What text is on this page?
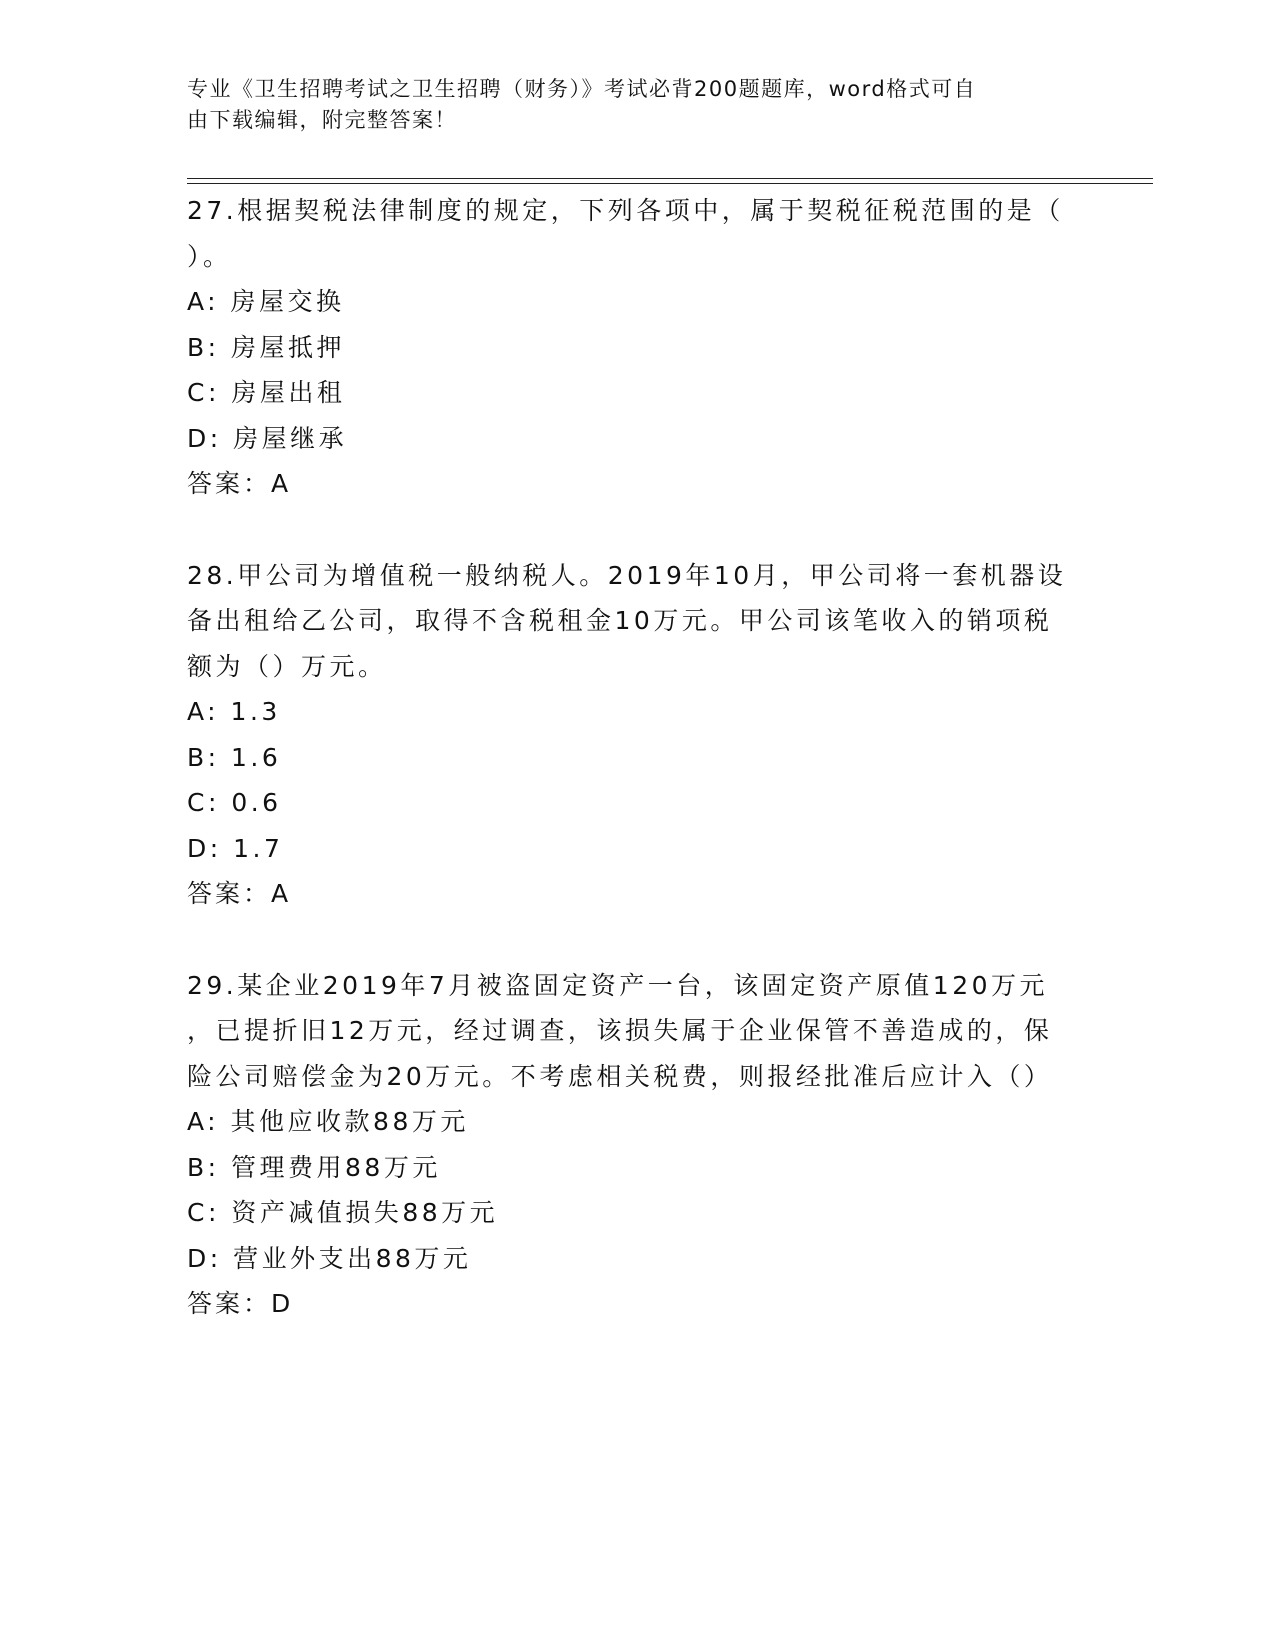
专业《卫生招聘考试之卫生招聘（财务）》考试必背200题题库，word格式可自
由下载编辑，附完整答案！
27.根据契税法律制度的规定，下列各项中，属于契税征税范围的是（
）。
A: 房屋交换
B: 房屋抵押
C: 房屋出租
D: 房屋继承
答案：A
28.甲公司为增值税一般纳税人。2019年10月，甲公司将一套机器设
备出租给乙公司，取得不含税租金10万元。甲公司该笔收入的销项税
额为（）万元。
A: 1.3
B: 1.6
C: 0.6
D: 1.7
答案：A
29.某企业2019年7月被盗固定资产一台，该固定资产原值120万元
，已提折旧12万元，经过调查，该损失属于企业保管不善造成的，保
险公司赔偿金为20万元。不考虑相关税费，则报经批准后应计入（）
A: 其他应收款88万元
B: 管理费用88万元
C: 资产减值损失88万元
D: 营业外支出88万元
答案：D
